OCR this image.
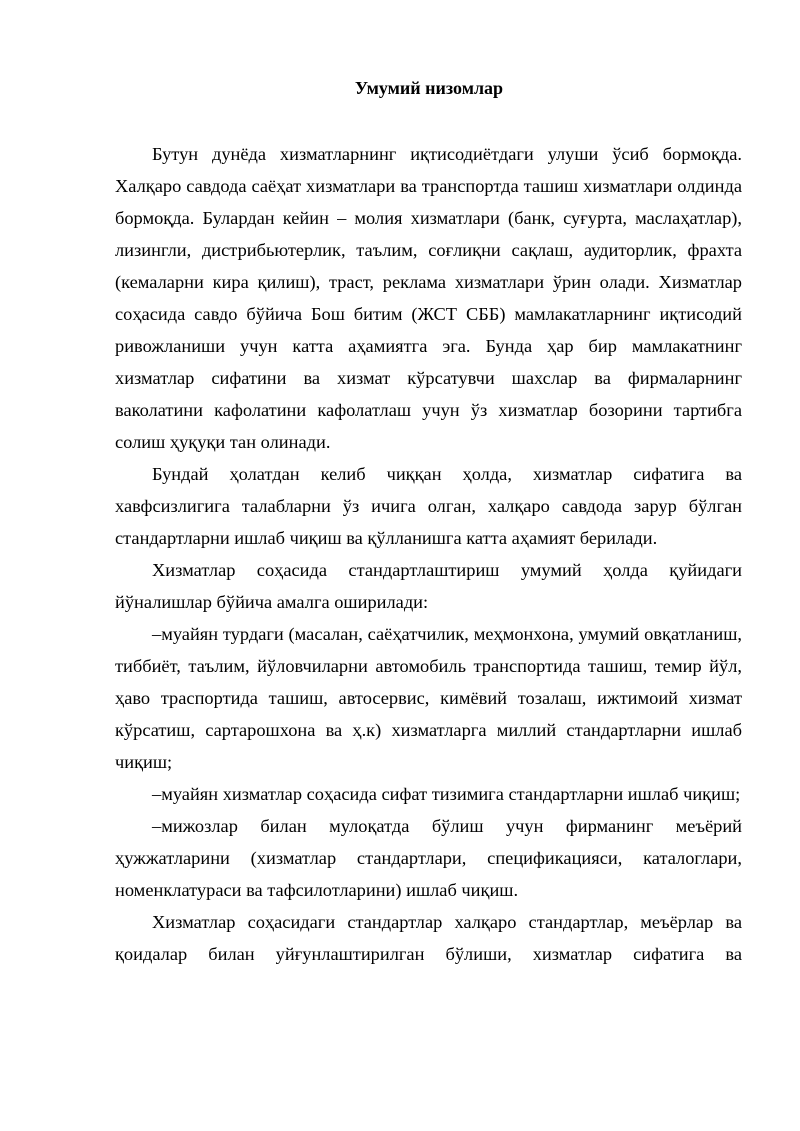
Умумий низомлар

Бутун дунёда хизматларнинг иқтисодиётдаги улуши ўсиб бормоқда. Халқаро савдода саёҳат хизматлари ва транспортда ташиш хизматлари олдинда бормоқда. Булардан кейин – молия хизматлари (банк, суғурта, маслаҳатлар), лизингли, дистрибьютерлик, таълим, соғлиқни сақлаш, аудиторлик, фрахта (кемаларни кира қилиш), траст, реклама хизматлари ўрин олади. Хизматлар соҳасида савдо бўйича Бош битим (ЖСТ СББ) мамлакатларнинг иқтисодий ривожланиши учун катта аҳамиятга эга. Бунда ҳар бир мамлакатнинг хизматлар сифатини ва хизмат кўрсатувчи шахслар ва фирмаларнинг ваколатини кафолатини кафолатлаш учун ўз хизматлар бозорини тартибга солиш ҳуқуқи тан олинади.

Бундай ҳолатдан келиб чиққан ҳолда, хизматлар сифатига ва хавфсизлигига талабларни ўз ичига олган, халқаро савдода зарур бўлган стандартларни ишлаб чиқиш ва қўлланишга катта аҳамият берилади.

Хизматлар соҳасида стандартлаштириш умумий ҳолда қуйидаги йўналишлар бўйича амалга оширилади:

–муайян турдаги (масалан, саёҳатчилик, меҳмонхона, умумий овқатланиш, тиббиёт, таълим, йўловчиларни автомобиль транспортида ташиш, темир йўл, ҳаво траспортида ташиш, автосервис, кимёвий тозалаш, ижтимоий хизмат кўрсатиш, сартарошхона ва ҳ.к) хизматларга миллий стандартларни ишлаб чиқиш;

–муайян хизматлар соҳасида сифат тизимига стандартларни ишлаб чиқиш;

–мижозлар билан мулоқатда бўлиш учун фирманинг меъёрий ҳужжатларини (хизматлар стандартлари, спецификацияси, каталоглари, номенклатураси ва тафсилотларини) ишлаб чиқиш.

Хизматлар соҳасидаги стандартлар халқаро стандартлар, меъёрлар ва қоидалар билан уйғунлаштирилган бўлиши, хизматлар сифатига ва
